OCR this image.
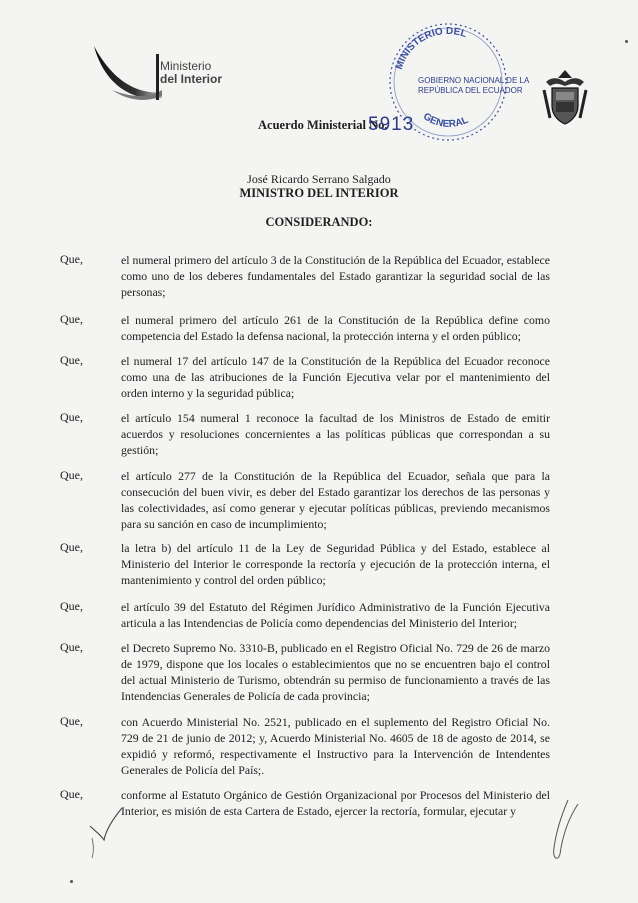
Ministerio
del Interior
MINISTERIO DEL
GENERAL
GOBIERNO NACIONAL DE LA
REPÚBLICA DEL ECUADOR
Acuerdo Ministerial No.
5913
José Ricardo Serrano Salgado
MINISTRO DEL INTERIOR
CONSIDERANDO:
Que,	el numeral primero del artículo 3 de la Constitución de la República del Ecuador, establece como uno de los deberes fundamentales del Estado garantizar la seguridad social de las personas;
Que,	el numeral primero del artículo 261 de la Constitución de la República define como competencia del Estado la defensa nacional, la protección interna y el orden público;
Que,	el numeral 17 del artículo 147 de la Constitución de la República del Ecuador reconoce como una de las atribuciones de la Función Ejecutiva velar por el mantenimiento del orden interno y la seguridad pública;
Que,	el artículo 154 numeral 1 reconoce la facultad de los Ministros de Estado de emitir acuerdos y resoluciones concernientes a las políticas públicas que correspondan a su gestión;
Que,	el artículo 277 de la Constitución de la República del Ecuador, señala que para la consecución del buen vivir, es deber del Estado garantizar los derechos de las personas y las colectividades, así como generar y ejecutar políticas públicas, previendo mecanismos para su sanción en caso de incumplimiento;
Que,	la letra b) del artículo 11 de la Ley de Seguridad Pública y del Estado, establece al Ministerio del Interior le corresponde la rectoría y ejecución de la protección interna, el mantenimiento y control del orden público;
Que,	el artículo 39 del Estatuto del Régimen Jurídico Administrativo de la Función Ejecutiva articula a las Intendencias de Policía como dependencias del Ministerio del Interior;
Que,	el Decreto Supremo No. 3310-B, publicado en el Registro Oficial No. 729 de 26 de marzo de 1979, dispone que los locales o establecimientos que no se encuentren bajo el control del actual Ministerio de Turismo, obtendrán su permiso de funcionamiento a través de las Intendencias Generales de Policía de cada provincia;
Que,	con Acuerdo Ministerial No. 2521, publicado en el suplemento del Registro Oficial No. 729 de 21 de junio de 2012; y, Acuerdo Ministerial No. 4605 de 18 de agosto de 2014, se expidió y reformó, respectivamente el Instructivo para la Intervención de Intendentes Generales de Policía del País;.
Que,	conforme al Estatuto Orgánico de Gestión Organizacional por Procesos del Ministerio del Interior, es misión de esta Cartera de Estado, ejercer la rectoría, formular, ejecutar y
